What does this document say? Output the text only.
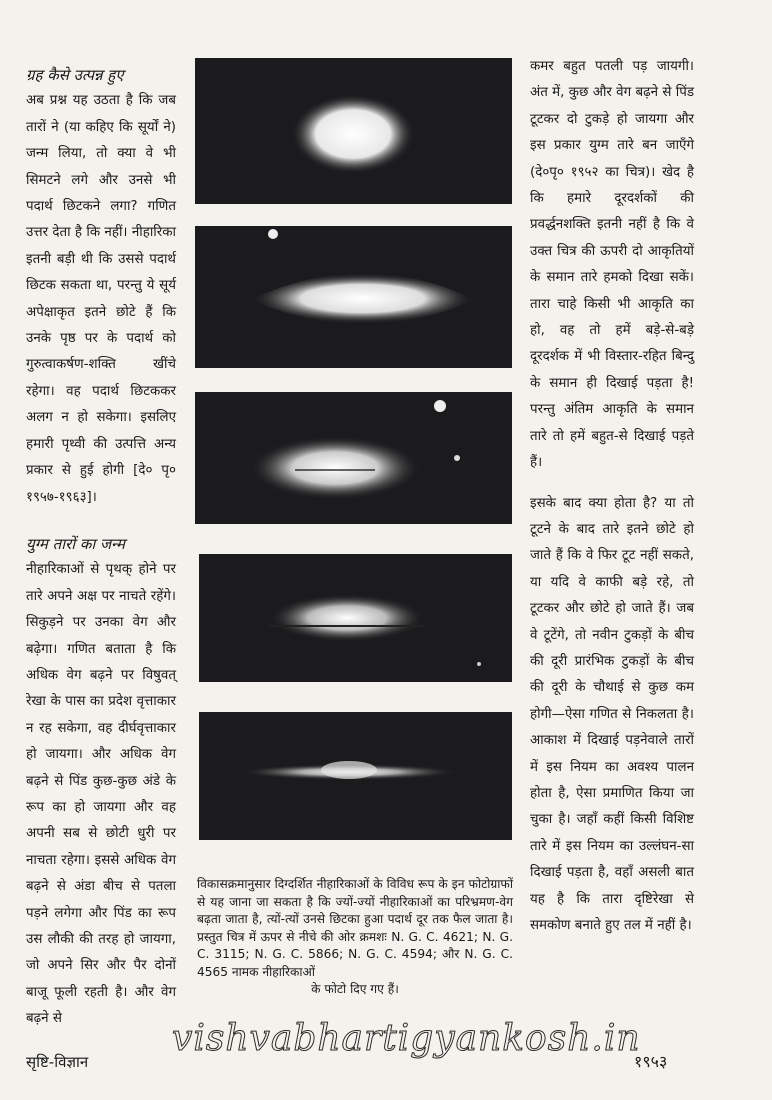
ग्रह कैसे उत्पन्न हुए

अब प्रश्न यह उठता है कि जब तारों ने (या कहिए कि सूर्यों ने) जन्म लिया, तो क्या वे भी सिमटने लगे और उनसे भी पदार्थ छिटकने लगा? गणित उत्तर देता है कि नहीं। नीहारिका इतनी बड़ी थी कि उससे पदार्थ छिटक सकता था, परन्तु ये सूर्य अपेक्षाकृत इतने छोटे हैं कि उनके पृष्ठ पर के पदार्थ को गुरुत्वाकर्षण-शक्ति खींचे रहेगा। वह पदार्थ छिटककर अलग न हो सकेगा। इसलिए हमारी पृथ्वी की उत्पत्ति अन्य प्रकार से हुई होगी [दे० पृ० १९५७-१९६३]।

युग्म तारों का जन्म

नीहारिकाओं से पृथक् होने पर तारे अपने अक्ष पर नाचते रहेंगे। सिकुड़ने पर उनका वेग और बढ़ेगा। गणित बताता है कि अधिक वेग बढ़ने पर विषुवत् रेखा के पास का प्रदेश वृत्ताकार न रह सकेगा, वह दीर्घवृत्ताकार हो जायगा। और अधिक वेग बढ़ने से पिंड कुछ-कुछ अंडे के रूप का हो जायगा और वह अपनी सब से छोटी धुरी पर नाचता रहेगा। इससे अधिक वेग बढ़ने से अंडा बीच से पतला पड़ने लगेगा और पिंड का रूप उस लौकी की तरह हो जायगा, जो अपने सिर और पैर दोनों बाजू फूली रहती है। और वेग बढ़ने से

विकासक्रमानुसार दिग्दर्शित नीहारिकाओं के विविध रूप के इन फोटोग्राफों से यह जाना जा सकता है कि ज्यों-ज्यों नीहारिकाओं का परिभ्रमण-वेग बढ़ता जाता है, त्यों-त्यों उनसे छिटका हुआ पदार्थ दूर तक फैल जाता है। प्रस्तुत चित्र में ऊपर से नीचे की ओर क्रमशः N. G. C. 4621; N. G. C. 3115; N. G. C. 5866; N. G. C. 4594; और N. G. C. 4565 नामक नीहारिकाओं
के फोटो दिए गए हैं।

कमर बहुत पतली पड़ जायगी। अंत में, कुछ और वेग बढ़ने से पिंड टूटकर दो टुकड़े हो जायगा और इस प्रकार युग्म तारे बन जाएँगे (दे०पृ० १९५२ का चित्र)। खेद है कि हमारे दूरदर्शकों की प्रवर्द्धनशक्ति इतनी नहीं है कि वे उक्त चित्र की ऊपरी दो आकृतियों के समान तारे हमको दिखा सकें। तारा चाहे किसी भी आकृति का हो, वह तो हमें बड़े-से-बड़े दूरदर्शक में भी विस्तार-रहित बिन्दु के समान ही दिखाई पड़ता है! परन्तु अंतिम आकृति के समान तारे तो हमें बहुत-से दिखाई पड़ते हैं।

इसके बाद क्या होता है? या तो टूटने के बाद तारे इतने छोटे हो जाते हैं कि वे फिर टूट नहीं सकते, या यदि वे काफी बड़े रहे, तो टूटकर और छोटे हो जाते हैं। जब वे टूटेंगे, तो नवीन टुकड़ों के बीच की दूरी प्रारंभिक टुकड़ों के बीच की दूरी के चौथाई से कुछ कम होगी—ऐसा गणित से निकलता है। आकाश में दिखाई पड़नेवाले तारों में इस नियम का अवश्य पालन होता है, ऐसा प्रमाणित किया जा चुका है। जहाँ कहीं किसी विशिष्ट तारे में इस नियम का उल्लंघन-सा दिखाई पड़ता है, वहाँ असली बात यह है कि तारा दृष्टिरेखा से समकोण बनाते हुए तल में नहीं है।

vishvabhartigyankosh.in
सृष्टि-विज्ञान	१९५३
